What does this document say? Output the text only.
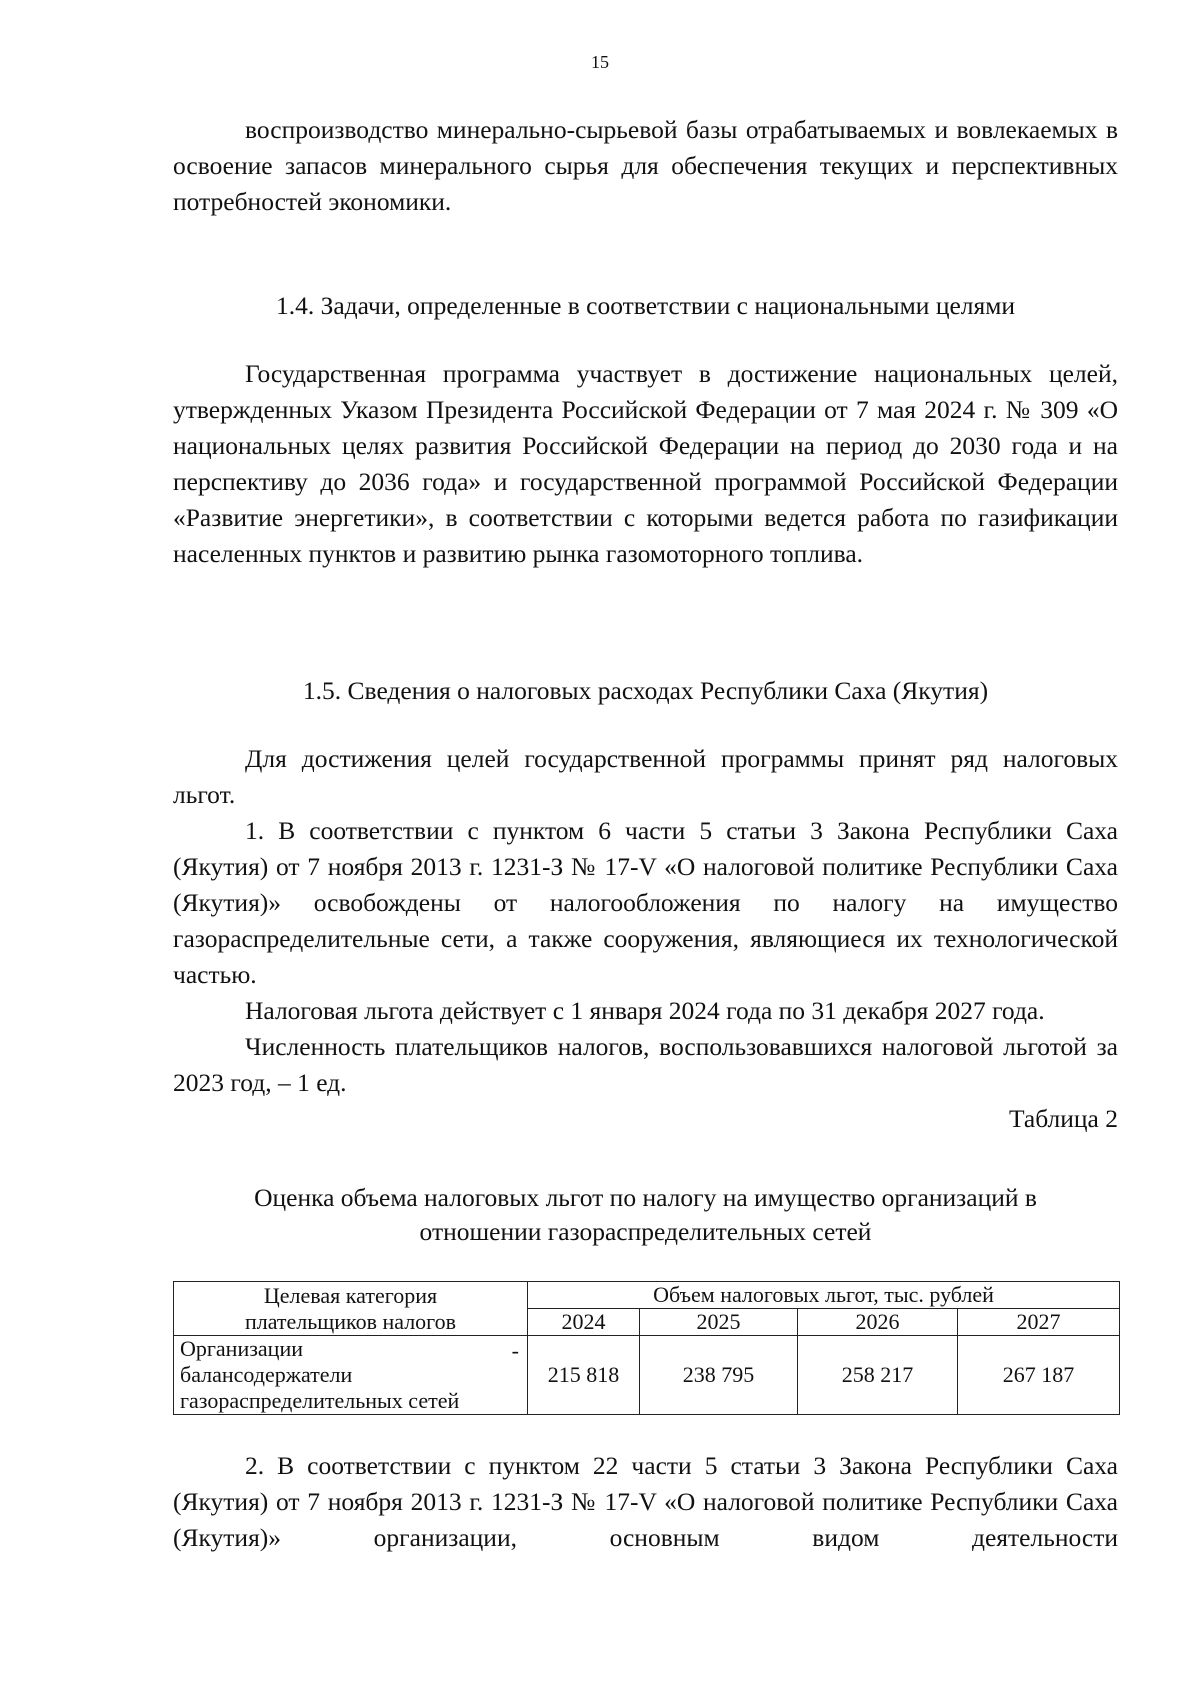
15

воспроизводство минерально-сырьевой базы отрабатываемых и вовлекаемых в освоение запасов минерального сырья для обеспечения текущих и перспективных потребностей экономики.

1.4. Задачи, определенные в соответствии с национальными целями

Государственная программа участвует в достижение национальных целей, утвержденных Указом Президента Российской Федерации от 7 мая 2024 г. № 309 «О национальных целях развития Российской Федерации на период до 2030 года и на перспективу до 2036 года» и государственной программой Российской Федерации «Развитие энергетики», в соответствии с которыми ведется работа по газификации населенных пунктов и развитию рынка газомоторного топлива.

1.5. Сведения о налоговых расходах Республики Саха (Якутия)

Для достижения целей государственной программы принят ряд налоговых льгот.

1. В соответствии с пунктом 6 части 5 статьи 3 Закона Республики Саха (Якутия) от 7 ноября 2013 г. 1231-З № 17-V «О налоговой политике Республики Саха (Якутия)» освобождены от налогообложения по налогу на имущество газораспределительные сети, а также сооружения, являющиеся их технологической частью.

Налоговая льгота действует с 1 января 2024 года по 31 декабря 2027 года.

Численность плательщиков налогов, воспользовавшихся налоговой льготой за 2023 год, – 1 ед.

Таблица 2

Оценка объема налоговых льгот по налогу на имущество организаций в

отношении газораспределительных сетей

Целевая категория
плательщиков налогов	Объем налоговых льгот, тыс. рублей			
	2024	2025	2026	2027

-
Организации
балансодержатели
газораспределительных сетей	215 818	238 795	258 217	267 187

2. В соответствии с пунктом 22 части 5 статьи 3 Закона Республики Саха (Якутия) от 7 ноября 2013 г. 1231-З № 17-V «О налоговой политике Республики Саха (Якутия)» организации, основным видом деятельности
